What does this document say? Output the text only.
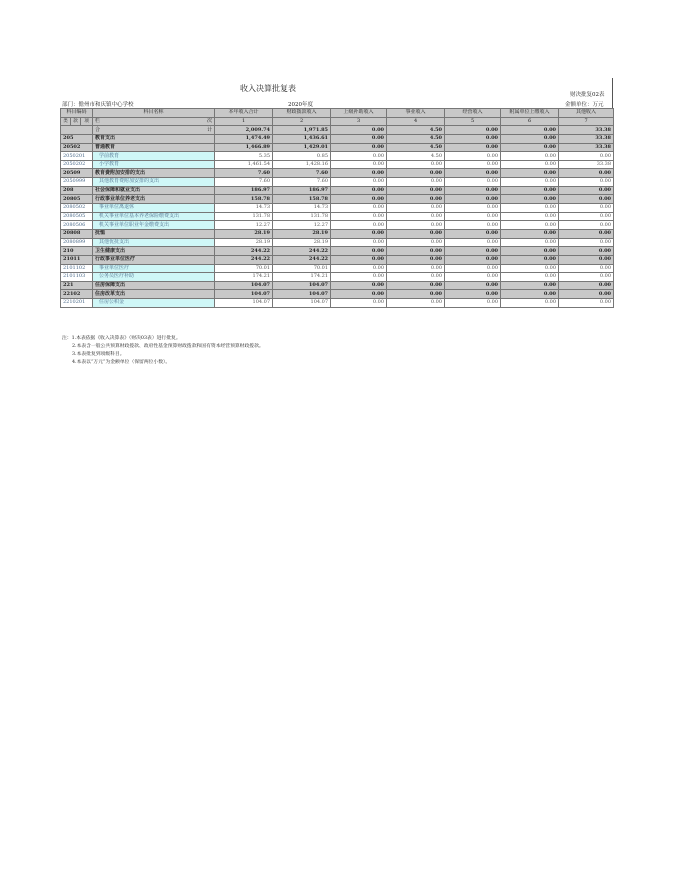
收入决算批复表
财决批复02表
部门：儋州市和庆镇中心学校	2020年度	金额单位：万元
科目编码			科目名称	本年收入合计	财政拨款收入	上级补助收入	事业收入	经营收入	附属单位上缴收入	其他收入
类	款	项	栏 次	1	2	3	4	5	6	7

			合 计	2,009.74	1,971.85	0.00	4.50	0.00	0.00	33.38
205			教育支出	1,474.49	1,436.61	0.00	4.50	0.00	0.00	33.38
20502			普通教育	1,466.89	1,429.01	0.00	4.50	0.00	0.00	33.38
2050201			学前教育	5.35	0.85	0.00	4.50	0.00	0.00	0.00
2050202			小学教育	1,461.54	1,428.16	0.00	0.00	0.00	0.00	33.38
20509			教育费附加安排的支出	7.60	7.60	0.00	0.00	0.00	0.00	0.00
2050999			其他教育费附加安排的支出	7.60	7.60	0.00	0.00	0.00	0.00	0.00
208			社会保障和就业支出	186.97	186.97	0.00	0.00	0.00	0.00	0.00
20805			行政事业单位养老支出	158.78	158.78	0.00	0.00	0.00	0.00	0.00
2080502			事业单位离退休	14.73	14.73	0.00	0.00	0.00	0.00	0.00
2080505			机关事业单位基本养老保险缴费支出	131.78	131.78	0.00	0.00	0.00	0.00	0.00
2080506			机关事业单位职业年金缴费支出	12.27	12.27	0.00	0.00	0.00	0.00	0.00
20808			抚恤	28.19	28.19	0.00	0.00	0.00	0.00	0.00
2080899			其他优抚支出	28.19	28.19	0.00	0.00	0.00	0.00	0.00
210			卫生健康支出	244.22	244.22	0.00	0.00	0.00	0.00	0.00
21011			行政事业单位医疗	244.22	244.22	0.00	0.00	0.00	0.00	0.00
2101102			事业单位医疗	70.01	70.01	0.00	0.00	0.00	0.00	0.00
2101103			公务员医疗补助	174.21	174.21	0.00	0.00	0.00	0.00	0.00
221			住房保障支出	104.07	104.07	0.00	0.00	0.00	0.00	0.00
22102			住房改革支出	104.07	104.07	0.00	0.00	0.00	0.00	0.00
2210201			住房公积金	104.07	104.07	0.00	0.00	0.00	0.00	0.00
注：1.本表依据《收入决算表》（财决03表）进行批复。
2.本表含一般公共预算财政拨款、政府性基金预算财政拨款和国有资本经营预算财政拨款。
3.本表批复到项级科目。
4.本表以“万元”为金额单位（保留两位小数）。
